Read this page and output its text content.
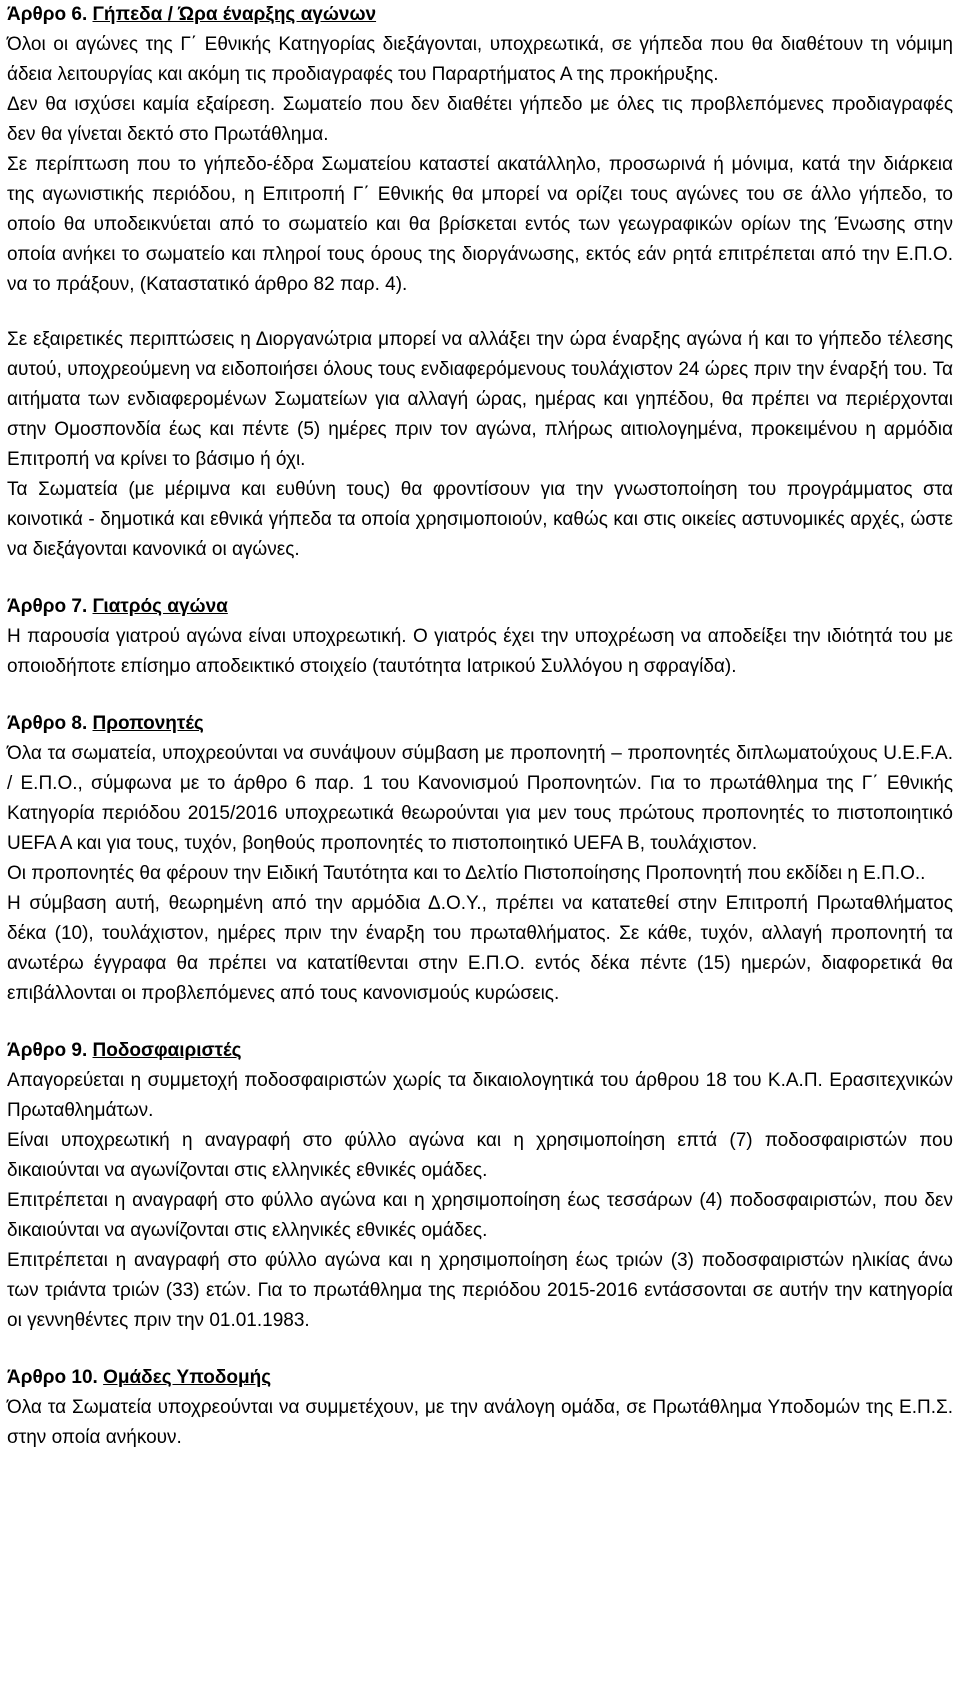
Άρθρο 6. Γήπεδα / Ώρα έναρξης αγώνων

Όλοι οι αγώνες της Γ΄ Εθνικής Κατηγορίας διεξάγονται, υποχρεωτικά, σε γήπεδα που θα διαθέτουν τη νόμιμη άδεια λειτουργίας και ακόμη τις προδιαγραφές του Παραρτήματος Α της προκήρυξης.

Δεν θα ισχύσει καμία εξαίρεση. Σωματείο που δεν διαθέτει γήπεδο με όλες τις προβλεπόμενες προδιαγραφές δεν θα γίνεται δεκτό στο Πρωτάθλημα.

Σε περίπτωση που το γήπεδο-έδρα Σωματείου καταστεί ακατάλληλο, προσωρινά ή μόνιμα, κατά την διάρκεια της αγωνιστικής περιόδου, η Επιτροπή Γ΄ Εθνικής θα μπορεί να ορίζει τους αγώνες του σε άλλο γήπεδο, το οποίο θα υποδεικνύεται από το σωματείο και θα βρίσκεται εντός των γεωγραφικών ορίων της Ένωσης στην οποία ανήκει το σωματείο και πληροί τους όρους της διοργάνωσης, εκτός εάν ρητά επιτρέπεται από την Ε.Π.Ο. να το πράξουν, (Καταστατικό άρθρο 82 παρ. 4).

Σε εξαιρετικές περιπτώσεις η Διοργανώτρια μπορεί να αλλάξει την ώρα έναρξης αγώνα ή και το γήπεδο τέλεσης αυτού, υποχρεούμενη να ειδοποιήσει όλους τους ενδιαφερόμενους τουλάχιστον 24 ώρες πριν την έναρξή του. Τα αιτήματα των ενδιαφερομένων Σωματείων για αλλαγή ώρας, ημέρας και γηπέδου, θα πρέπει να περιέρχονται στην Ομοσπονδία έως και πέντε (5) ημέρες πριν τον αγώνα, πλήρως αιτιολογημένα, προκειμένου η αρμόδια Επιτροπή να κρίνει το βάσιμο ή όχι.

Τα Σωματεία (με μέριμνα και ευθύνη τους) θα φροντίσουν για την γνωστοποίηση του προγράμματος στα κοινοτικά - δημοτικά και εθνικά γήπεδα τα οποία χρησιμοποιούν, καθώς και στις οικείες αστυνομικές αρχές, ώστε να διεξάγονται κανονικά οι αγώνες.

Άρθρο 7. Γιατρός αγώνα

Η παρουσία γιατρού αγώνα είναι υποχρεωτική. Ο γιατρός έχει την υποχρέωση να αποδείξει την ιδιότητά του με οποιοδήποτε επίσημο αποδεικτικό στοιχείο (ταυτότητα Ιατρικού Συλλόγου η σφραγίδα).

Άρθρο 8. Προπονητές

Όλα τα σωματεία, υποχρεούνται να συνάψουν σύμβαση με προπονητή – προπονητές διπλωματούχους U.E.F.A. / Ε.Π.Ο., σύμφωνα με το άρθρο 6 παρ. 1 του Κανονισμού Προπονητών. Για το πρωτάθλημα της Γ΄ Εθνικής Κατηγορία περιόδου 2015/2016 υποχρεωτικά θεωρούνται για μεν τους πρώτους προπονητές το πιστοποιητικό UEFA A και για τους, τυχόν, βοηθούς προπονητές το πιστοποιητικό UEFA B, τουλάχιστον.

Οι προπονητές θα φέρουν την Ειδική Ταυτότητα και το Δελτίο Πιστοποίησης Προπονητή που εκδίδει η Ε.Π.Ο..

Η σύμβαση αυτή, θεωρημένη από την αρμόδια Δ.Ο.Υ., πρέπει να κατατεθεί στην Επιτροπή Πρωταθλήματος δέκα (10), τουλάχιστον, ημέρες πριν την έναρξη του πρωταθλήματος. Σε κάθε, τυχόν, αλλαγή προπονητή τα ανωτέρω έγγραφα θα πρέπει να κατατίθενται στην Ε.Π.Ο. εντός δέκα πέντε (15) ημερών, διαφορετικά θα επιβάλλονται οι προβλεπόμενες από τους κανονισμούς κυρώσεις.

Άρθρο 9. Ποδοσφαιριστές

Απαγορεύεται η συμμετοχή ποδοσφαιριστών χωρίς τα δικαιολογητικά του άρθρου 18 του Κ.Α.Π. Ερασιτεχνικών Πρωταθλημάτων.

Είναι υποχρεωτική η αναγραφή στο φύλλο αγώνα και η χρησιμοποίηση επτά (7) ποδοσφαιριστών που δικαιούνται να αγωνίζονται στις ελληνικές εθνικές ομάδες.

Επιτρέπεται η αναγραφή στο φύλλο αγώνα και η χρησιμοποίηση έως τεσσάρων (4) ποδοσφαιριστών, που δεν δικαιούνται να αγωνίζονται στις ελληνικές εθνικές ομάδες.

Επιτρέπεται η αναγραφή στο φύλλο αγώνα και η χρησιμοποίηση έως τριών (3) ποδοσφαιριστών ηλικίας άνω των τριάντα τριών (33) ετών. Για το πρωτάθλημα της περιόδου 2015-2016 εντάσσονται σε αυτήν την κατηγορία οι γεννηθέντες πριν την 01.01.1983.

Άρθρο 10. Ομάδες Υποδομής

Όλα τα Σωματεία υποχρεούνται να συμμετέχουν, με την ανάλογη ομάδα, σε Πρωτάθλημα Υποδομών της Ε.Π.Σ. στην οποία ανήκουν.
